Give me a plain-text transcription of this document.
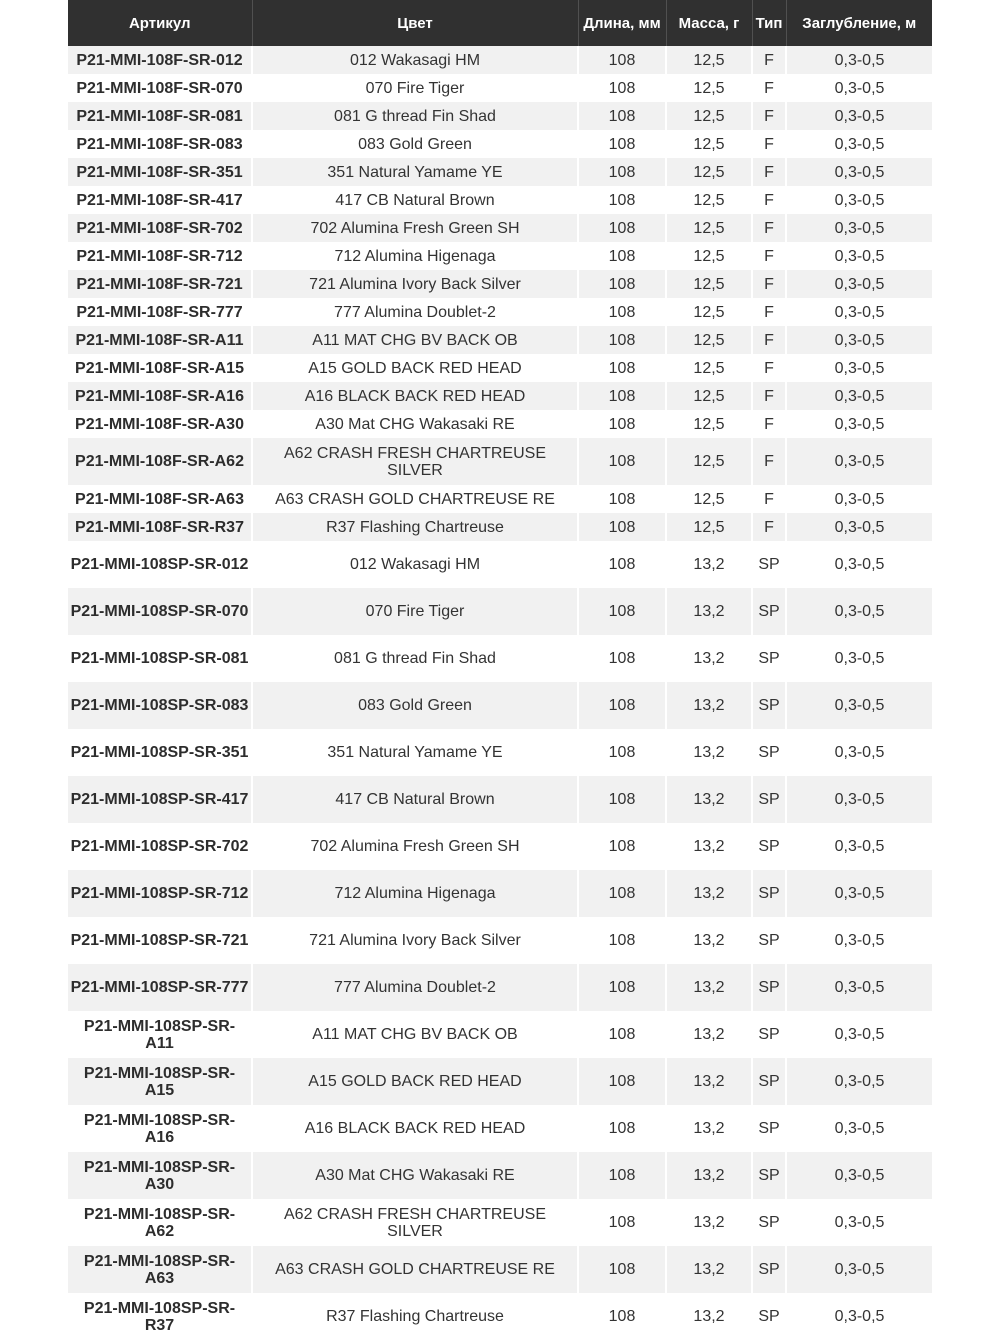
Артикул	Цвет	Длина, мм	Масса, г	Тип	Заглубление, м
P21-MMI-108F-SR-012	012 Wakasagi HM	108	12,5	F	0,3-0,5
P21-MMI-108F-SR-070	070 Fire Tiger	108	12,5	F	0,3-0,5
P21-MMI-108F-SR-081	081 G thread Fin Shad	108	12,5	F	0,3-0,5
P21-MMI-108F-SR-083	083 Gold Green	108	12,5	F	0,3-0,5
P21-MMI-108F-SR-351	351 Natural Yamame YE	108	12,5	F	0,3-0,5
P21-MMI-108F-SR-417	417 CB Natural Brown	108	12,5	F	0,3-0,5
P21-MMI-108F-SR-702	702 Alumina Fresh Green SH	108	12,5	F	0,3-0,5
P21-MMI-108F-SR-712	712 Alumina Higenaga	108	12,5	F	0,3-0,5
P21-MMI-108F-SR-721	721 Alumina Ivory Back Silver	108	12,5	F	0,3-0,5
P21-MMI-108F-SR-777	777 Alumina Doublet-2	108	12,5	F	0,3-0,5
P21-MMI-108F-SR-A11	A11 MAT CHG BV BACK OB	108	12,5	F	0,3-0,5
P21-MMI-108F-SR-A15	A15 GOLD BACK RED HEAD	108	12,5	F	0,3-0,5
P21-MMI-108F-SR-A16	A16 BLACK BACK RED HEAD	108	12,5	F	0,3-0,5
P21-MMI-108F-SR-A30	A30 Mat CHG Wakasaki RE	108	12,5	F	0,3-0,5
P21-MMI-108F-SR-A62	A62 CRASH FRESH CHARTREUSE SILVER	108	12,5	F	0,3-0,5
P21-MMI-108F-SR-A63	A63 CRASH GOLD CHARTREUSE RE	108	12,5	F	0,3-0,5
P21-MMI-108F-SR-R37	R37 Flashing Chartreuse	108	12,5	F	0,3-0,5
P21-MMI-108SP-SR-012	012 Wakasagi HM	108	13,2	SP	0,3-0,5
P21-MMI-108SP-SR-070	070 Fire Tiger	108	13,2	SP	0,3-0,5
P21-MMI-108SP-SR-081	081 G thread Fin Shad	108	13,2	SP	0,3-0,5
P21-MMI-108SP-SR-083	083 Gold Green	108	13,2	SP	0,3-0,5
P21-MMI-108SP-SR-351	351 Natural Yamame YE	108	13,2	SP	0,3-0,5
P21-MMI-108SP-SR-417	417 CB Natural Brown	108	13,2	SP	0,3-0,5
P21-MMI-108SP-SR-702	702 Alumina Fresh Green SH	108	13,2	SP	0,3-0,5
P21-MMI-108SP-SR-712	712 Alumina Higenaga	108	13,2	SP	0,3-0,5
P21-MMI-108SP-SR-721	721 Alumina Ivory Back Silver	108	13,2	SP	0,3-0,5
P21-MMI-108SP-SR-777	777 Alumina Doublet-2	108	13,2	SP	0,3-0,5
P21-MMI-108SP-SR-A11	A11 MAT CHG BV BACK OB	108	13,2	SP	0,3-0,5
P21-MMI-108SP-SR-A15	A15 GOLD BACK RED HEAD	108	13,2	SP	0,3-0,5
P21-MMI-108SP-SR-A16	A16 BLACK BACK RED HEAD	108	13,2	SP	0,3-0,5
P21-MMI-108SP-SR-A30	A30 Mat CHG Wakasaki RE	108	13,2	SP	0,3-0,5
P21-MMI-108SP-SR-A62	A62 CRASH FRESH CHARTREUSE SILVER	108	13,2	SP	0,3-0,5
P21-MMI-108SP-SR-A63	A63 CRASH GOLD CHARTREUSE RE	108	13,2	SP	0,3-0,5
P21-MMI-108SP-SR-R37	R37 Flashing Chartreuse	108	13,2	SP	0,3-0,5
